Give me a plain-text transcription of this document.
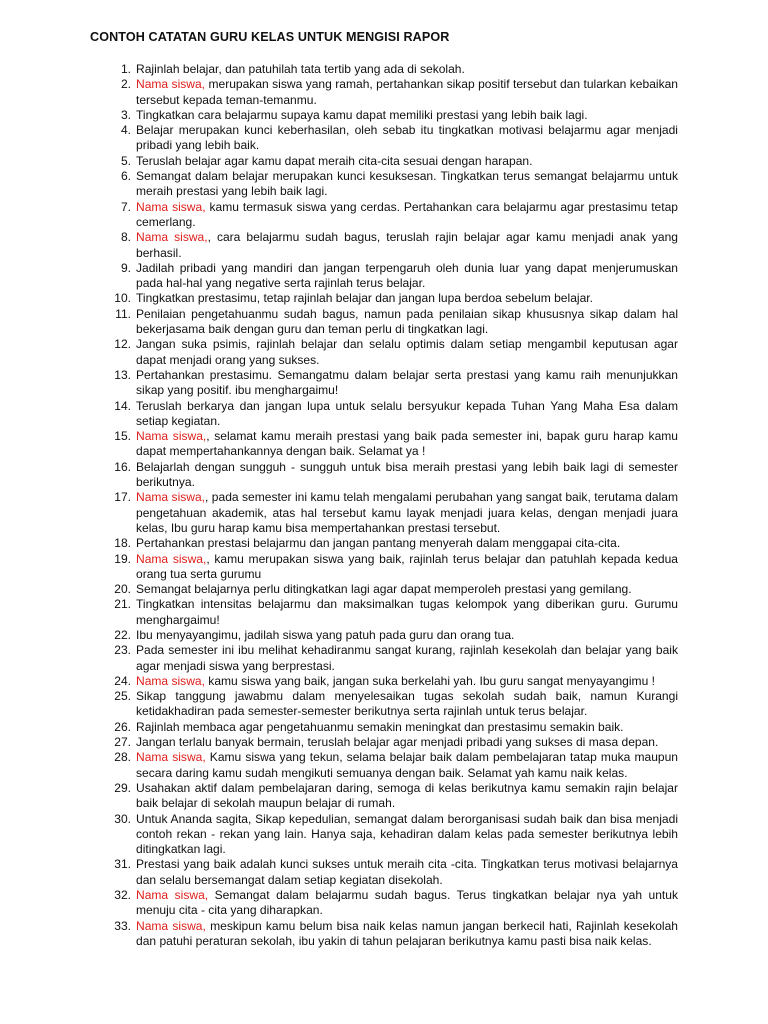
CONTOH CATATAN GURU KELAS UNTUK MENGISI RAPOR
1. Rajinlah belajar, dan patuhilah tata tertib yang ada di sekolah.
2. Nama siswa, merupakan siswa yang ramah, pertahankan sikap positif tersebut dan tularkan kebaikan tersebut kepada teman-temanmu.
3. Tingkatkan cara belajarmu supaya kamu dapat memiliki prestasi yang lebih baik lagi.
4. Belajar merupakan kunci keberhasilan, oleh sebab itu tingkatkan motivasi belajarmu agar menjadi pribadi yang lebih baik.
5. Teruslah belajar agar kamu dapat meraih cita-cita sesuai dengan harapan.
6. Semangat dalam belajar merupakan kunci kesuksesan. Tingkatkan terus semangat belajarmu untuk meraih prestasi yang lebih baik lagi.
7. Nama siswa, kamu termasuk siswa yang cerdas. Pertahankan cara belajarmu agar prestasimu tetap cemerlang.
8. Nama siswa,, cara belajarmu sudah bagus, teruslah rajin belajar agar kamu menjadi anak yang berhasil.
9. Jadilah pribadi yang mandiri dan jangan terpengaruh oleh dunia luar yang dapat menjerumuskan pada hal-hal yang negative serta rajinlah terus belajar.
10. Tingkatkan prestasimu, tetap rajinlah belajar dan jangan lupa berdoa sebelum belajar.
11. Penilaian pengetahuanmu sudah bagus, namun pada penilaian sikap khususnya sikap dalam hal bekerjasama baik dengan guru dan teman perlu di tingkatkan lagi.
12. Jangan suka psimis, rajinlah belajar dan selalu optimis dalam setiap mengambil keputusan agar dapat menjadi orang yang sukses.
13. Pertahankan prestasimu. Semangatmu dalam belajar serta prestasi yang kamu raih menunjukkan sikap yang positif. ibu menghargaimu!
14. Teruslah berkarya dan jangan lupa untuk selalu bersyukur kepada Tuhan Yang Maha Esa dalam setiap kegiatan.
15. Nama siswa,, selamat kamu meraih prestasi yang baik pada semester ini, bapak guru harap kamu dapat mempertahankannya dengan baik. Selamat ya !
16. Belajarlah dengan sungguh - sungguh untuk bisa meraih prestasi yang lebih baik lagi di semester berikutnya.
17. Nama siswa,, pada semester ini kamu telah mengalami perubahan yang sangat baik, terutama dalam pengetahuan akademik, atas hal tersebut kamu layak menjadi juara kelas, dengan menjadi juara kelas, Ibu guru harap kamu bisa mempertahankan prestasi tersebut.
18. Pertahankan prestasi belajarmu dan jangan pantang menyerah dalam menggapai cita-cita.
19. Nama siswa,, kamu merupakan siswa yang baik, rajinlah terus belajar dan patuhlah kepada kedua orang tua serta gurumu
20. Semangat belajarnya perlu ditingkatkan lagi agar dapat memperoleh prestasi yang gemilang.
21. Tingkatkan intensitas belajarmu dan maksimalkan tugas kelompok yang diberikan guru. Gurumu menghargaimu!
22. Ibu menyayangimu, jadilah siswa yang patuh pada guru dan orang tua.
23. Pada semester ini ibu melihat kehadiranmu sangat kurang, rajinlah kesekolah dan belajar yang baik agar menjadi siswa yang berprestasi.
24. Nama siswa, kamu siswa yang baik, jangan suka berkelahi yah. Ibu guru sangat menyayangimu !
25. Sikap tanggung jawabmu dalam menyelesaikan tugas sekolah sudah baik, namun Kurangi ketidakhadiran pada semester-semester berikutnya serta rajinlah untuk terus belajar.
26. Rajinlah membaca agar pengetahuanmu semakin meningkat dan prestasimu semakin baik.
27. Jangan terlalu banyak bermain, teruslah belajar agar menjadi pribadi yang sukses di masa depan.
28. Nama siswa, Kamu siswa yang tekun, selama belajar baik dalam pembelajaran tatap muka maupun secara daring kamu sudah mengikuti semuanya dengan baik. Selamat yah kamu naik kelas.
29. Usahakan aktif dalam pembelajaran daring, semoga di kelas berikutnya kamu semakin rajin belajar baik belajar di sekolah maupun belajar di rumah.
30. Untuk Ananda sagita, Sikap kepedulian, semangat dalam berorganisasi sudah baik dan bisa menjadi contoh rekan - rekan yang lain. Hanya saja, kehadiran dalam kelas pada semester berikutnya lebih ditingkatkan lagi.
31. Prestasi yang baik adalah kunci sukses untuk meraih cita -cita. Tingkatkan terus motivasi belajarnya dan selalu bersemangat dalam setiap kegiatan disekolah.
32. Nama siswa, Semangat dalam belajarmu sudah bagus. Terus tingkatkan belajar nya yah untuk menuju cita - cita yang diharapkan.
33. Nama siswa, meskipun kamu belum bisa naik kelas namun jangan berkecil hati, Rajinlah kesekolah dan patuhi peraturan sekolah, ibu yakin di tahun pelajaran berikutnya kamu pasti bisa naik kelas.
